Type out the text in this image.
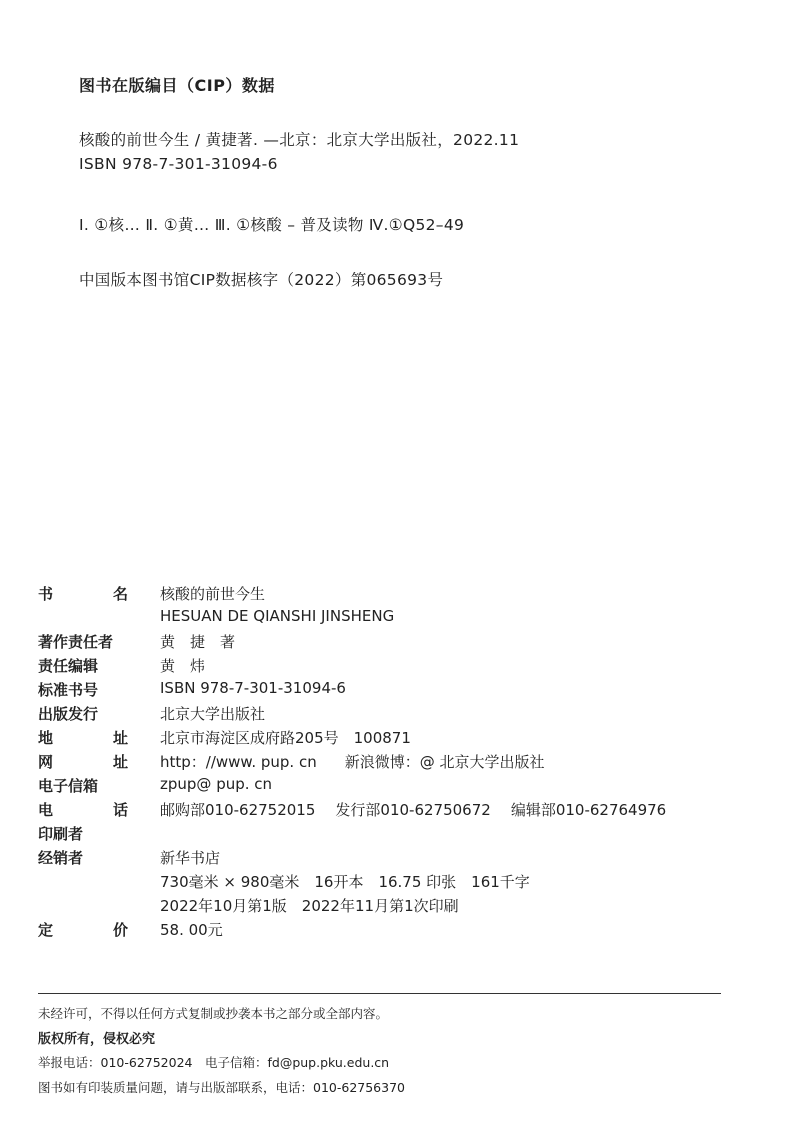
图书在版编目（CIP）数据
核酸的前世今生 / 黄捷著. —北京：北京大学出版社，2022.11
ISBN 978-7-301-31094-6
Ⅰ. ①核… Ⅱ. ①黄… Ⅲ. ①核酸 – 普及读物 Ⅳ.①Q52–49
中国版本图书馆CIP数据核字（2022）第065693号
书	名 核酸的前世今生
HESUAN DE QIANSHI JINSHENG
著作责任者	黄　捷　著
责任编辑	黄　炜
标准书号	ISBN 978-7-301-31094-6
出版发行	北京大学出版社
地	址 北京市海淀区成府路205号　100871
网	址 http：//www. pup. cn 新浪微博：@ 北京大学出版社
电子信箱	zpup@ pup. cn
电	话 邮购部010-62752015 发行部010-62750672 编辑部010-62764976
印刷者
经销者	新华书店
730毫米 × 980毫米　16开本　16.75 印张　161千字
2022年10月第1版　2022年11月第1次印刷
定	价 58. 00元
未经许可，不得以任何方式复制或抄袭本书之部分或全部内容。
版权所有，侵权必究
举报电话：010-62752024　电子信箱：fd@pup.pku.edu.cn
图书如有印装质量问题，请与出版部联系，电话：010-62756370
